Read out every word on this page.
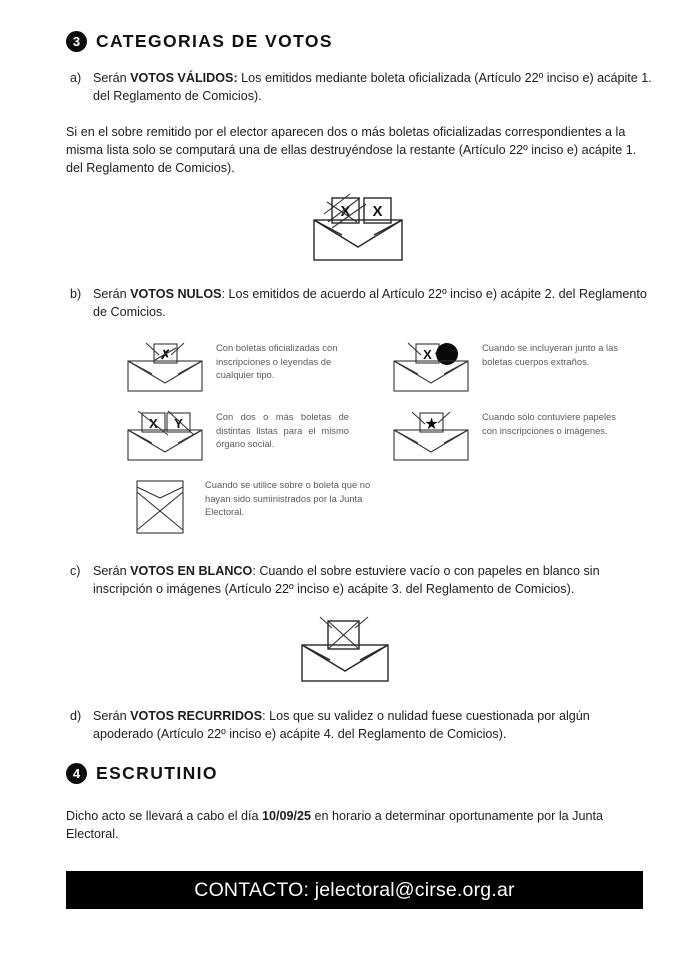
3 CATEGORIAS DE VOTOS
a) Serán VOTOS VÁLIDOS: Los emitidos mediante boleta oficializada (Artículo 22º inciso e) acápite 1. del Reglamento de Comicios).
Si en el sobre remitido por el elector aparecen dos o más boletas oficializadas correspondientes a la misma lista solo se computará una de ellas destruyéndose la restante (Artículo 22º inciso e) acápite 1. del Reglamento de Comicios).
X X
b) Serán VOTOS NULOS: Los emitidos de acuerdo al Artículo 22º inciso e) acápite 2. del Reglamento de Comicios.
✗	Con boletas oficializadas con inscripciones o leyendas de cualquier tipo.
X	Cuando se incluyeran junto a las boletas cuerpos extraños.
X Y	Con dos o más boletas de distintas listas para el mismo órgano social.
★	Cuando sólo contuviere papeles con inscripciones o imágenes.
Cuando se utilice sobre o boleta que no hayan sido suministrados por la Junta Electoral.
c) Serán VOTOS EN BLANCO: Cuando el sobre estuviere vacío o con papeles en blanco sin inscripción o imágenes (Artículo 22º inciso e) acápite 3. del Reglamento de Comicios).
d) Serán VOTOS RECURRIDOS: Los que su validez o nulidad fuese cuestionada por algún apoderado (Artículo 22º inciso e) acápite 4. del Reglamento de Comicios).
4 ESCRUTINIO
Dicho acto se llevará a cabo el día 10/09/25 en horario a determinar oportunamente por la Junta Electoral.
CONTACTO: jelectoral@cirse.org.ar
